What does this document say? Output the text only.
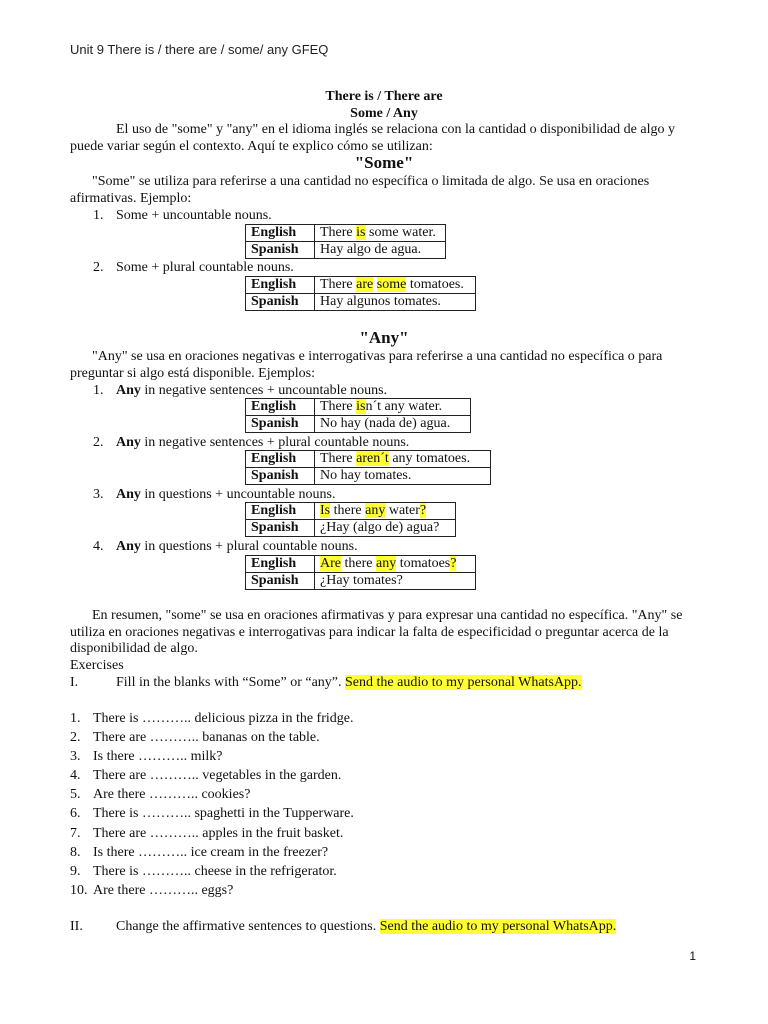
Unit 9 There is / there are / some/ any GFEQ
There is / There are
Some / Any
El uso de "some" y "any" en el idioma inglés se relaciona con la cantidad o disponibilidad de algo y puede variar según el contexto. Aquí te explico cómo se utilizan:
"Some"
"Some" se utiliza para referirse a una cantidad no específica o limitada de algo. Se usa en oraciones afirmativas. Ejemplo:
1. Some + uncountable nouns.
English	There is some water.
Spanish	Hay algo de agua.
2. Some + plural countable nouns.
English	There are some tomatoes.
Spanish	Hay algunos tomates.
"Any"
"Any" se usa en oraciones negativas e interrogativas para referirse a una cantidad no específica o para preguntar si algo está disponible. Ejemplos:
1. Any in negative sentences + uncountable nouns.
English	There isn´t any water.
Spanish	No hay (nada de) agua.
2. Any in negative sentences + plural countable nouns.
English	There aren´t any tomatoes.
Spanish	No hay tomates.
3. Any in questions + uncountable nouns.
English	Is there any water?
Spanish	¿Hay (algo de) agua?
4. Any in questions + plural countable nouns.
English	Are there any tomatoes?
Spanish	¿Hay tomates?
En resumen, "some" se usa en oraciones afirmativas y para expresar una cantidad no específica. "Any" se utiliza en oraciones negativas e interrogativas para indicar la falta de especificidad o preguntar acerca de la disponibilidad de algo.
Exercises
I.	Fill in the blanks with “Some” or “any”. Send the audio to my personal WhatsApp.
1. There is ……….. delicious pizza in the fridge.
2. There are ……….. bananas on the table.
3. Is there ……….. milk?
4. There are ……….. vegetables in the garden.
5. Are there ……….. cookies?
6. There is ……….. spaghetti in the Tupperware.
7. There are ……….. apples in the fruit basket.
8. Is there ……….. ice cream in the freezer?
9. There is ……….. cheese in the refrigerator.
10. Are there ……….. eggs?
II. Change the affirmative sentences to questions. Send the audio to my personal WhatsApp.
1
